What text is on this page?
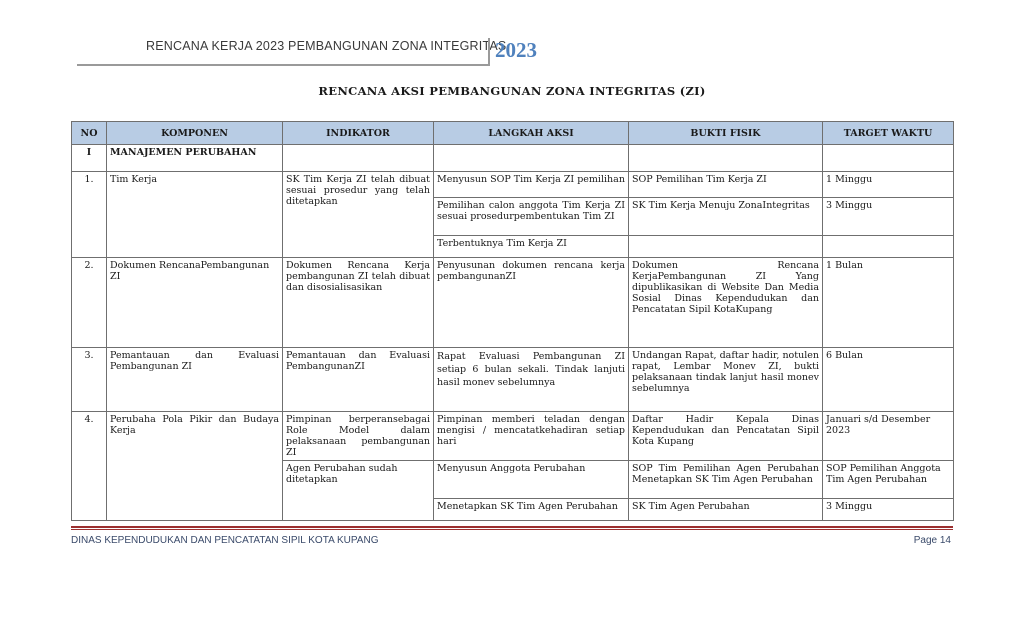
RENCANA KERJA 2023 PEMBANGUNAN ZONA INTEGRITAS
2023
RENCANA AKSI PEMBANGUNAN ZONA INTEGRITAS (ZI)
NO	KOMPONEN	INDIKATOR	LANGKAH AKSI	BUKTI FISIK	TARGET WAKTU
I	MANAJEMEN PERUBAHAN				
1.	Tim Kerja	SK Tim Kerja ZI telah dibuat sesuai prosedur yang telah ditetapkan	Menyusun SOP Tim Kerja ZI pemilihan	SOP Pemilihan Tim Kerja ZI	1 Minggu
			Pemilihan calon anggota Tim Kerja ZI sesuai prosedurpembentukan Tim ZI	SK Tim Kerja Menuju ZonaIntegritas	3 Minggu
			Terbentuknya Tim Kerja ZI		
2.	Dokumen RencanaPembangunan ZI	Dokumen Rencana Kerja pembangunan ZI telah dibuat dan disosialisasikan	Penyusunan dokumen rencana kerja pembangunanZI	Dokumen Rencana KerjaPembangunan ZI Yang dipublikasikan di Website Dan Media Sosial Dinas Kependudukan dan Pencatatan Sipil KotaKupang	1 Bulan
3.	Pemantauan dan Evaluasi Pembangunan ZI	Pemantauan dan Evaluasi PembangunanZI	Rapat Evaluasi Pembangunan ZI setiap 6 bulan sekali. Tindak lanjuti hasil monev sebelumnya	Undangan Rapat, daftar hadir, notulen rapat, Lembar Monev ZI, bukti pelaksanaan tindak lanjut hasil monev sebelumnya	6 Bulan
4.	Perubaha Pola Pikir dan Budaya Kerja	Pimpinan berperansebagai Role Model dalam pelaksanaan pembangunan ZI	Pimpinan memberi teladan dengan mengisi / mencatatkehadiran setiap hari	Daftar Hadir Kepala Dinas Kependudukan dan Pencatatan Sipil Kota Kupang	Januari s/d Desember 2023
		Agen Perubahan sudah ditetapkan	Menyusun Anggota Perubahan	SOP Tim Pemilihan Agen Perubahan Menetapkan SK Tim Agen Perubahan	SOP Pemilihan Anggota Tim Agen Perubahan
			Menetapkan SK Tim Agen Perubahan	SK Tim Agen Perubahan	3 Minggu
DINAS KEPENDUDUKAN DAN PENCATATAN SIPIL KOTA KUPANG	Page 14
